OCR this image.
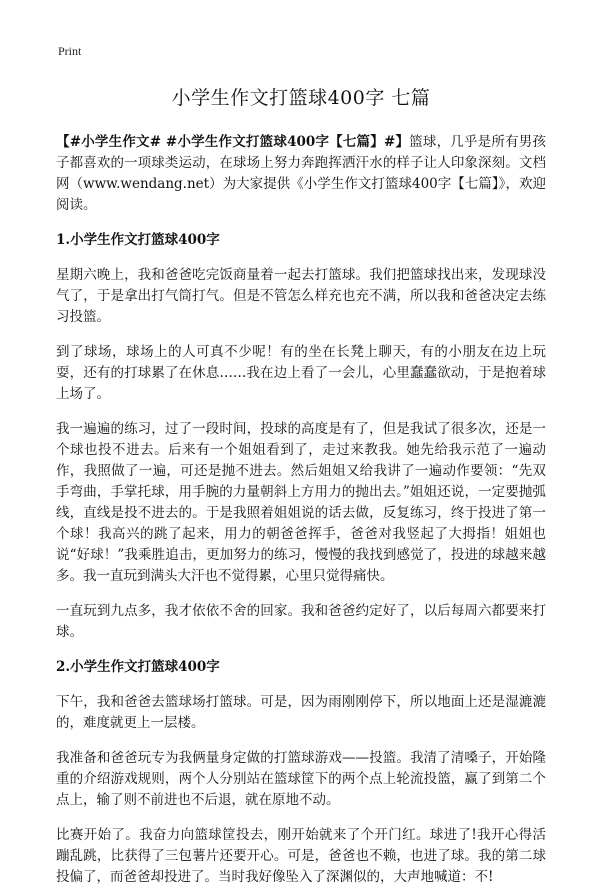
Print
小学生作文打篮球400字 七篇

【#小学生作文# #小学生作文打篮球400字【七篇】#】篮球，几乎是所有男孩子都喜欢的一项球类运动，在球场上努力奔跑挥洒汗水的样子让人印象深刻。文档网（www.wendang.net）为大家提供《小学生作文打篮球400字【七篇】》，欢迎阅读。

1.小学生作文打篮球400字

星期六晚上，我和爸爸吃完饭商量着一起去打篮球。我们把篮球找出来，发现球没气了，于是拿出打气筒打气。但是不管怎么样充也充不满，所以我和爸爸决定去练习投篮。

到了球场，球场上的人可真不少呢！有的坐在长凳上聊天，有的小朋友在边上玩耍，还有的打球累了在休息……我在边上看了一会儿，心里蠢蠢欲动，于是抱着球上场了。

我一遍遍的练习，过了一段时间，投球的高度是有了，但是我试了很多次，还是一个球也投不进去。后来有一个姐姐看到了，走过来教我。她先给我示范了一遍动作，我照做了一遍，可还是抛不进去。然后姐姐又给我讲了一遍动作要领：“先双手弯曲，手掌托球，用手腕的力量朝斜上方用力的抛出去。”姐姐还说，一定要抛弧线，直线是投不进去的。于是我照着姐姐说的话去做，反复练习，终于投进了第一个球！我高兴的跳了起来，用力的朝爸爸挥手，爸爸对我竖起了大拇指！姐姐也说“好球！”我乘胜追击，更加努力的练习，慢慢的我找到感觉了，投进的球越来越多。我一直玩到满头大汗也不觉得累，心里只觉得痛快。

一直玩到九点多，我才依依不舍的回家。我和爸爸约定好了，以后每周六都要来打球。

2.小学生作文打篮球400字

下午，我和爸爸去篮球场打篮球。可是，因为雨刚刚停下，所以地面上还是湿漉漉的，难度就更上一层楼。

我准备和爸爸玩专为我俩量身定做的打篮球游戏——投篮。我清了清嗓子，开始隆重的介绍游戏规则，两个人分别站在篮球筐下的两个点上轮流投篮，赢了到第二个点上，输了则不前进也不后退，就在原地不动。

比赛开始了。我奋力向篮球筐投去，刚开始就来了个开门红。球进了!我开心得活蹦乱跳，比获得了三包薯片还要开心。可是，爸爸也不赖，也进了球。我的第二球投偏了，而爸爸却投进了。当时我好像坠入了深渊似的，大声地喊道：不!
